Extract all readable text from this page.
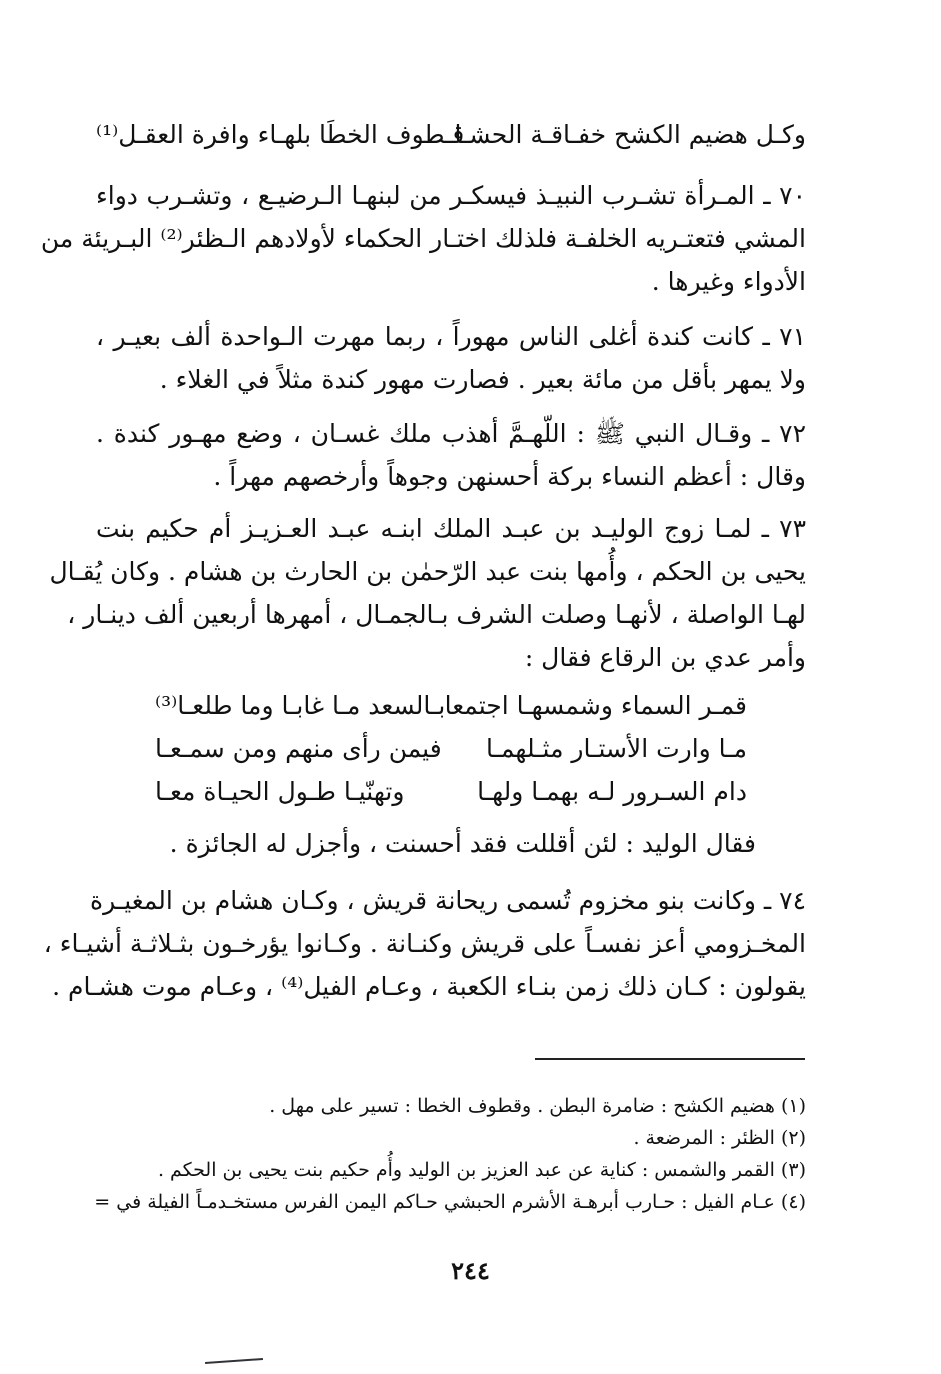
وكـل هضيم الكشح خفـاقـة الحشـا
قـطوف الخطَا بلهـاء وافرة العقـل⁽¹⁾
٧٠ ـ المـرأة تشـرب النبيـذ فيسكـر من لبنهـا الـرضيـع ، وتشـرب دواء
المشي فتعتـريه الخلفـة فلذلك اختـار الحكماء لأولادهم الـظئر⁽²⁾ البـريئة من
الأدواء وغيرها .
٧١ ـ كانت كندة أغلى الناس مهوراً ، ربما مهرت الـواحدة ألف بعيـر ،
ولا يمهر بأقل من مائة بعير . فصارت مهور كندة مثلاً في الغلاء .
٧٢ ـ وقـال النبي ﷺ : اللّهـمَّ أهذب ملك غسـان ، وضع مهـور كندة .
وقال : أعظم النساء بركة أحسنهن وجوهاً وأرخصهم مهراً .
٧٣ ـ لمـا زوج الوليـد بن عبـد الملك ابنـه عبـد العـزيـز أم حكيم بنت
يحيى بن الحكم ، وأُمها بنت عبد الرّحمٰن بن الحارث بن هشام . وكان يُقـال
لهـا الواصلة ، لأنهـا وصلت الشرف بـالجمـال ، أمهرها أربعين ألف دينـار ،
وأمر عدي بن الرقاع فقال :
قمـر السماء وشمسهـا اجتمعا
بـالسعد مـا غابـا وما طلعـا⁽³⁾
مـا وارت الأستـار مثـلهمـا
فيمن رأى منهم ومن سمـعـا
دام السـرور لـه بهمـا ولهـا
وتهنّيـا طـول الحيـاة معـا
فقال الوليد : لئن أقللت فقد أحسنت ، وأجزل له الجائزة .
٧٤ ـ وكانت بنو مخزوم تُسمى ريحانة قريش ، وكـان هشام بن المغيـرة
المخـزومي أعز نفسـاً على قريش وكنـانة . وكـانوا يؤرخـون بثـلاثـة أشيـاء ،
يقولون : كـان ذلك زمن بنـاء الكعبة ، وعـام الفيل⁽⁴⁾ ، وعـام موت هشـام .
(١) هضيم الكشح : ضامرة البطن . وقطوف الخطا : تسير على مهل .
(٢) الظئر : المرضعة .
(٣) القمر والشمس : كناية عن عبد العزيز بن الوليد وأُم حكيم بنت يحيى بن الحكم .
(٤) عـام الفيل : حـارب أبرهـة الأشرم الحبشي حـاكم اليمن الفرس مستخـدمـاً الفيلة في =
٢٤٤
